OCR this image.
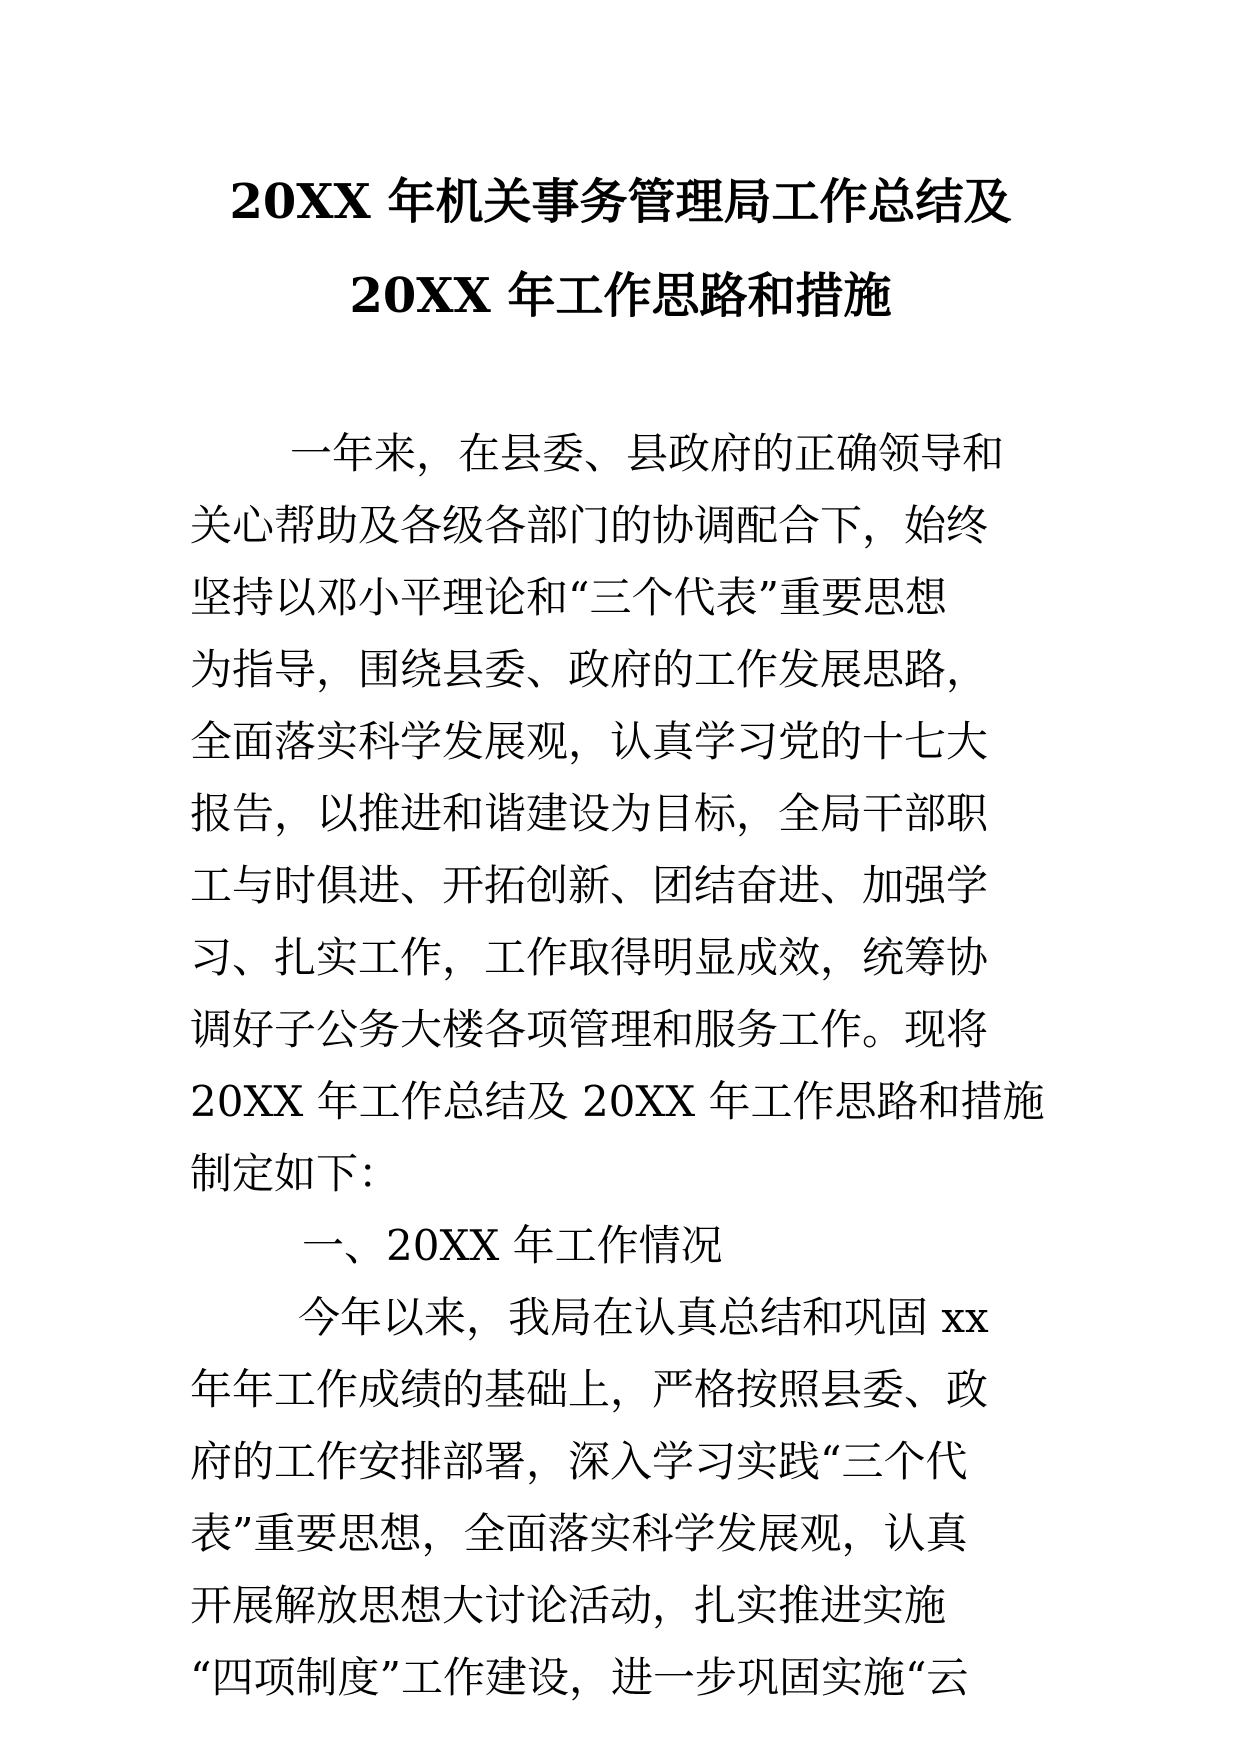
20XX 年机关事务管理局工作总结及
20XX 年工作思路和措施
一年来，在县委、县政府的正确领导和
关心帮助及各级各部门的协调配合下，始终
坚持以邓小平理论和“三个代表”重要思想
为指导，围绕县委、政府的工作发展思路，
全面落实科学发展观，认真学习党的十七大
报告，以推进和谐建设为目标，全局干部职
工与时俱进、开拓创新、团结奋进、加强学
习、扎实工作，工作取得明显成效，统筹协
调好子公务大楼各项管理和服务工作。现将
20XX 年工作总结及 20XX 年工作思路和措施
制定如下：
一、20XX 年工作情况
今年以来，我局在认真总结和巩固 xx
年年工作成绩的基础上，严格按照县委、政
府的工作安排部署，深入学习实践“三个代
表”重要思想，全面落实科学发展观，认真
开展解放思想大讨论活动，扎实推进实施
“四项制度”工作建设，进一步巩固实施“云
